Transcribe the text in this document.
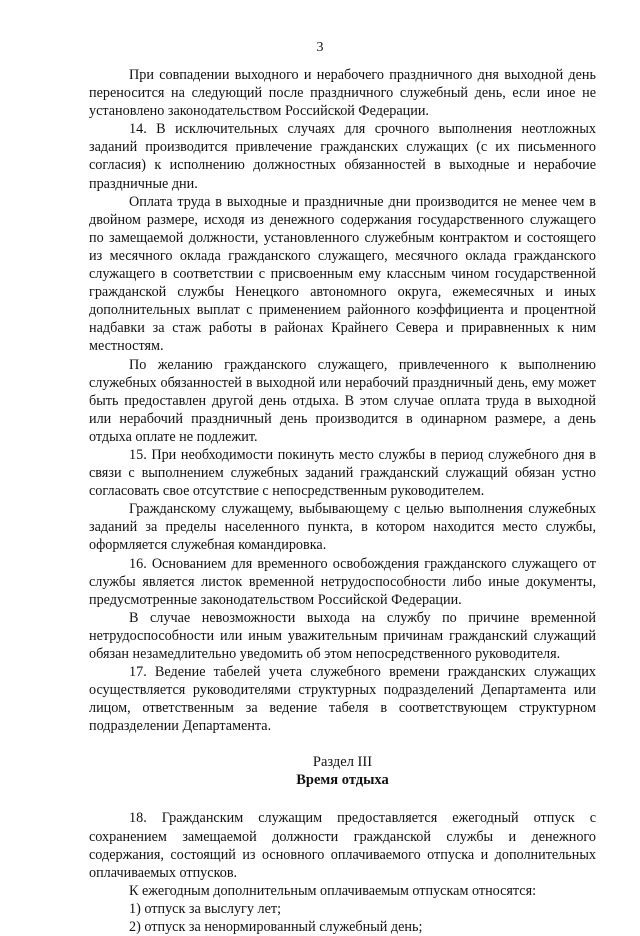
3

При совпадении выходного и нерабочего праздничного дня выходной день переносится на следующий после праздничного служебный день, если иное не установлено законодательством Российской Федерации.

14. В исключительных случаях для срочного выполнения неотложных заданий производится привлечение гражданских служащих (с их письменного согласия) к исполнению должностных обязанностей в выходные и нерабочие праздничные дни.

Оплата труда в выходные и праздничные дни производится не менее чем в двойном размере, исходя из денежного содержания государственного служащего по замещаемой должности, установленного служебным контрактом и состоящего из месячного оклада гражданского служащего, месячного оклада гражданского служащего в соответствии с присвоенным ему классным чином государственной гражданской службы Ненецкого автономного округа, ежемесячных и иных дополнительных выплат с применением районного коэффициента и процентной надбавки за стаж работы в районах Крайнего Севера и приравненных к ним местностям.

По желанию гражданского служащего, привлеченного к выполнению служебных обязанностей в выходной или нерабочий праздничный день, ему может быть предоставлен другой день отдыха. В этом случае оплата труда в выходной или нерабочий праздничный день производится в одинарном размере, а день отдыха оплате не подлежит.

15. При необходимости покинуть место службы в период служебного дня в связи с выполнением служебных заданий гражданский служащий обязан устно согласовать свое отсутствие с непосредственным руководителем.

Гражданскому служащему, выбывающему с целью выполнения служебных заданий за пределы населенного пункта, в котором находится место службы, оформляется служебная командировка.

16. Основанием для временного освобождения гражданского служащего от службы является листок временной нетрудоспособности либо иные документы, предусмотренные законодательством Российской Федерации.

В случае невозможности выхода на службу по причине временной нетрудоспособности или иным уважительным причинам гражданский служащий обязан незамедлительно уведомить об этом непосредственного руководителя.

17. Ведение табелей учета служебного времени гражданских служащих осуществляется руководителями структурных подразделений Департамента или лицом, ответственным за ведение табеля в соответствующем структурном подразделении Департамента.

Раздел III
Время отдыха

18. Гражданским служащим предоставляется ежегодный отпуск с сохранением замещаемой должности гражданской службы и денежного содержания, состоящий из основного оплачиваемого отпуска и дополнительных оплачиваемых отпусков.

К ежегодным дополнительным оплачиваемым отпускам относятся:

1) отпуск за выслугу лет;

2) отпуск за ненормированный служебный день;
